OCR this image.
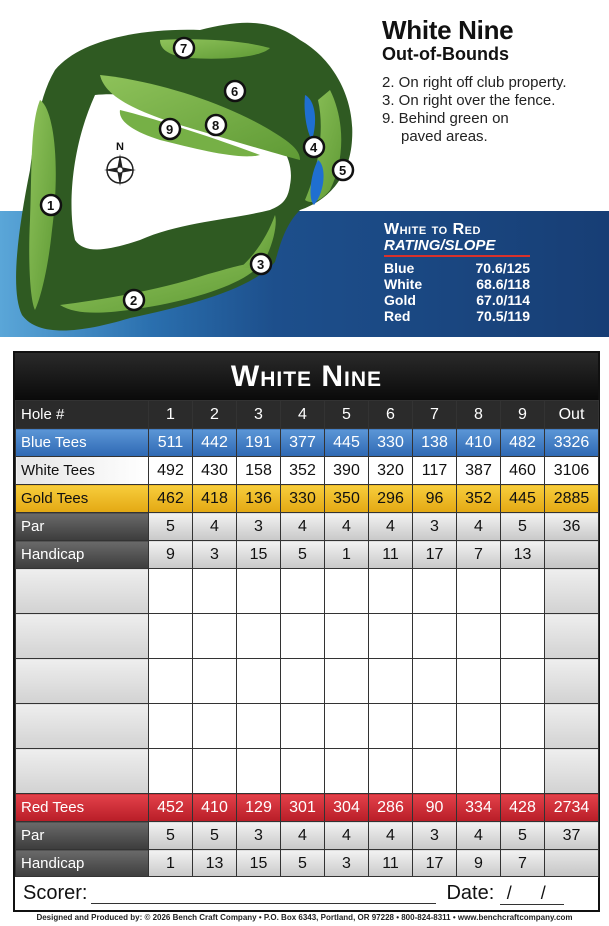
N
1
2
3
4
5
6
7
8
9
White Nine
Out-of-Bounds
2. On right off club property.
3. On right over the fence.
9. Behind green on
paved areas.
White to Red
RATING/SLOPE
Blue	70.6/125
White	68.6/118
Gold	67.0/114
Red	70.5/119
White Nine
Hole #	1	2	3	4	5	6	7	8	9	Out
Blue Tees	511	442	191	377	445	330	138	410	482	3326
White Tees	492	430	158	352	390	320	117	387	460	3106
Gold Tees	462	418	136	330	350	296	96	352	445	2885
Par	5	4	3	4	4	4	3	4	5	36
Handicap	9	3	15	5	1	11	17	7	13	

Red Tees	452	410	129	301	304	286	90	334	428	2734
Par	5	5	3	4	4	4	3	4	5	37
Handicap	1	13	15	5	3	11	17	9	7	
Scorer:	Date: / /
Designed and Produced by: © 2026 Bench Craft Company • P.O. Box 6343, Portland, OR 97228 • 800-824-8311 • www.benchcraftcompany.com
